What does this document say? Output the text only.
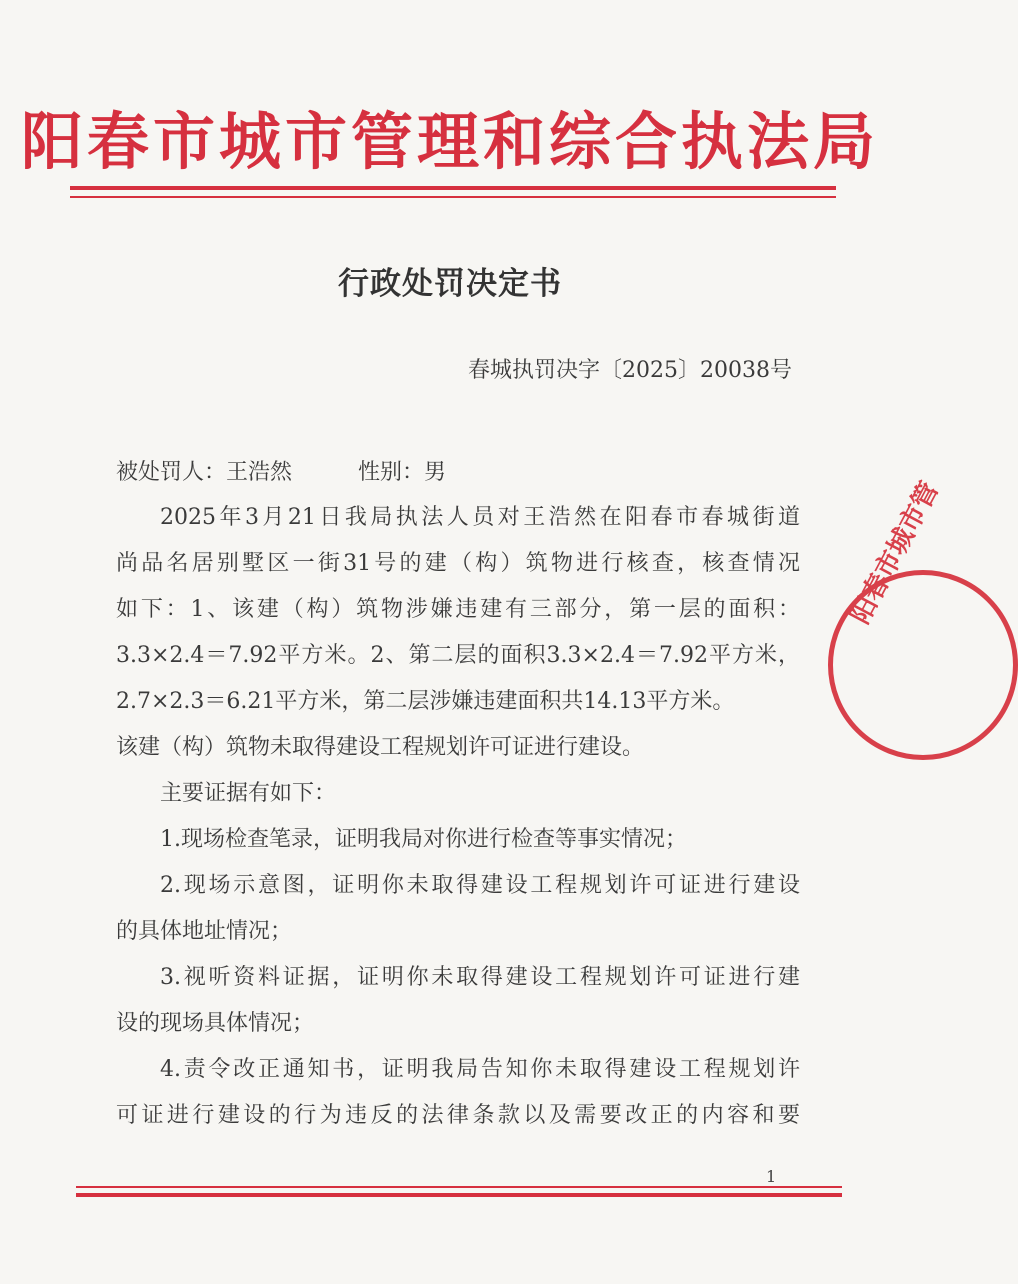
阳春市城市管理和综合执法局
行政处罚决定书
春城执罚决字〔2025〕20038号
被处罚人：王浩然　　　性别：男
2025年3月21日我局执法人员对王浩然在阳春市春城街道
尚品名居别墅区一街31号的建（构）筑物进行核查，核查情况
如下：1、该建（构）筑物涉嫌违建有三部分，第一层的面积：
3.3×2.4＝7.92平方米。2、第二层的面积3.3×2.4＝7.92平方米，
2.7×2.3＝6.21平方米，第二层涉嫌违建面积共14.13平方米。
该建（构）筑物未取得建设工程规划许可证进行建设。
主要证据有如下：
1.现场检查笔录，证明我局对你进行检查等事实情况；
2.现场示意图，证明你未取得建设工程规划许可证进行建设
的具体地址情况；
3.视听资料证据，证明你未取得建设工程规划许可证进行建
设的现场具体情况；
4.责令改正通知书，证明我局告知你未取得建设工程规划许
可证进行建设的行为违反的法律条款以及需要改正的内容和要
阳春市城市管
1
